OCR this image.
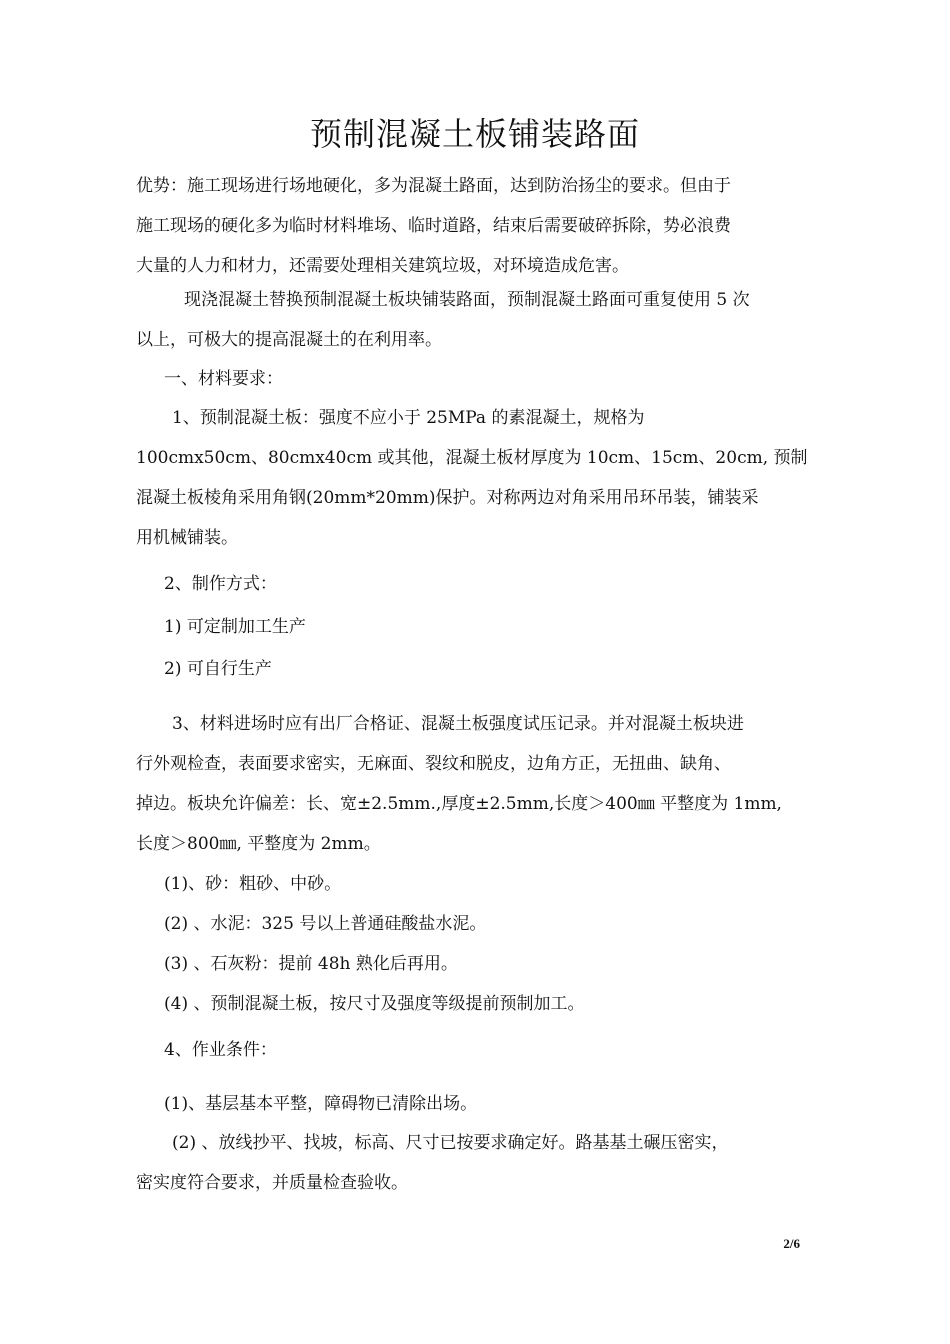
预制混凝土板铺装路面
优势：施工现场进行场地硬化，多为混凝土路面，达到防治扬尘的要求。但由于
施工现场的硬化多为临时材料堆场、临时道路，结束后需要破碎拆除，势必浪费
大量的人力和材力，还需要处理相关建筑垃圾，对环境造成危害。
现浇混凝土替换预制混凝土板块铺装路面，预制混凝土路面可重复使用 5 次
以上，可极大的提高混凝土的在利用率。
一、材料要求：
1、预制混凝土板：强度不应小于 25MPa 的素混凝土，规格为
100cmx50cm、80cmx40cm 或其他，混凝土板材厚度为 10cm、15cm、20cm, 预制
混凝土板棱角采用角钢(20mm*20mm)保护。对称两边对角采用吊环吊装，铺装采
用机械铺装。
2、制作方式：
1) 可定制加工生产
2) 可自行生产
3、材料进场时应有出厂合格证、混凝土板强度试压记录。并对混凝土板块进
行外观检查，表面要求密实，无麻面、裂纹和脱皮，边角方正，无扭曲、缺角、
掉边。板块允许偏差：长、宽±2.5mm.,厚度±2.5mm,长度＞400㎜ 平整度为 1mm,
长度＞800㎜, 平整度为 2mm。
(1)、砂：粗砂、中砂。
(2) 、水泥：325 号以上普通硅酸盐水泥。
(3) 、石灰粉：提前 48h 熟化后再用。
(4) 、预制混凝土板，按尺寸及强度等级提前预制加工。
4、作业条件：
(1)、基层基本平整，障碍物已清除出场。
(2) 、放线抄平、找坡，标高、尺寸已按要求确定好。路基基土碾压密实，
密实度符合要求，并质量检查验收。
2/6
